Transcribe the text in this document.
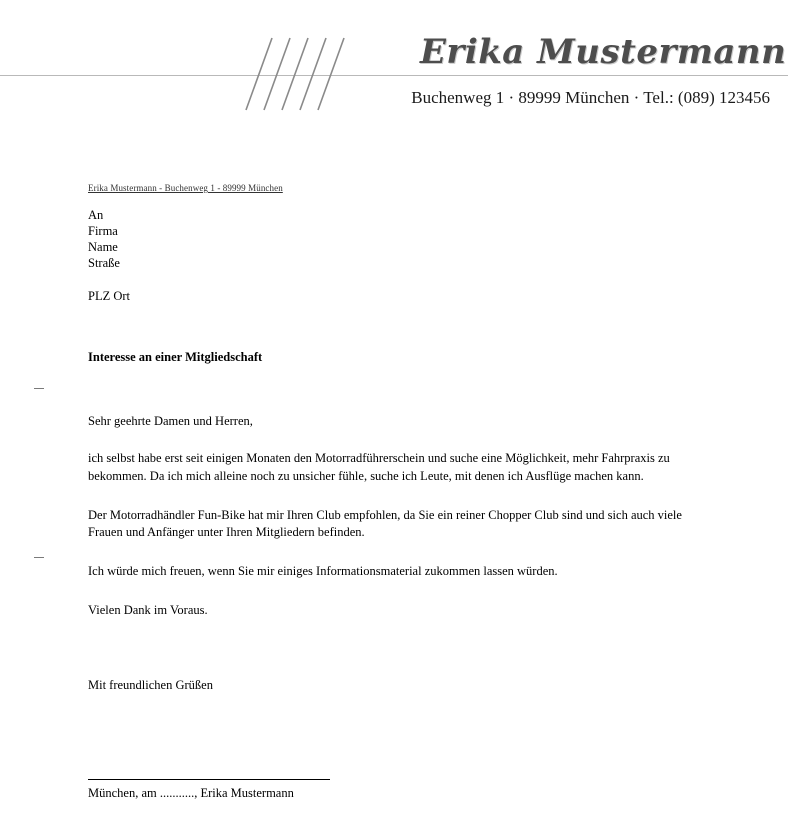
Erika Mustermann
Buchenweg 1 · 89999 München · Tel.: (089) 123456
Erika Mustermann - Buchenweg 1 - 89999 München
An
Firma
Name
Straße
PLZ Ort
Interesse an einer Mitgliedschaft
Sehr geehrte Damen und Herren,

ich selbst habe erst seit einigen Monaten den Motorradführerschein und suche eine Möglichkeit, mehr Fahrpraxis zu bekommen. Da ich mich alleine noch zu unsicher fühle, suche ich Leute, mit denen ich Ausflüge machen kann.

Der Motorradhändler Fun-Bike hat mir Ihren Club empfohlen, da Sie ein reiner Chopper Club sind und sich auch viele Frauen und Anfänger unter Ihren Mitgliedern befinden.

Ich würde mich freuen, wenn Sie mir einiges Informationsmaterial zukommen lassen würden.

Vielen Dank im Voraus.

Mit freundlichen Grüßen
München, am ..........., Erika Mustermann
